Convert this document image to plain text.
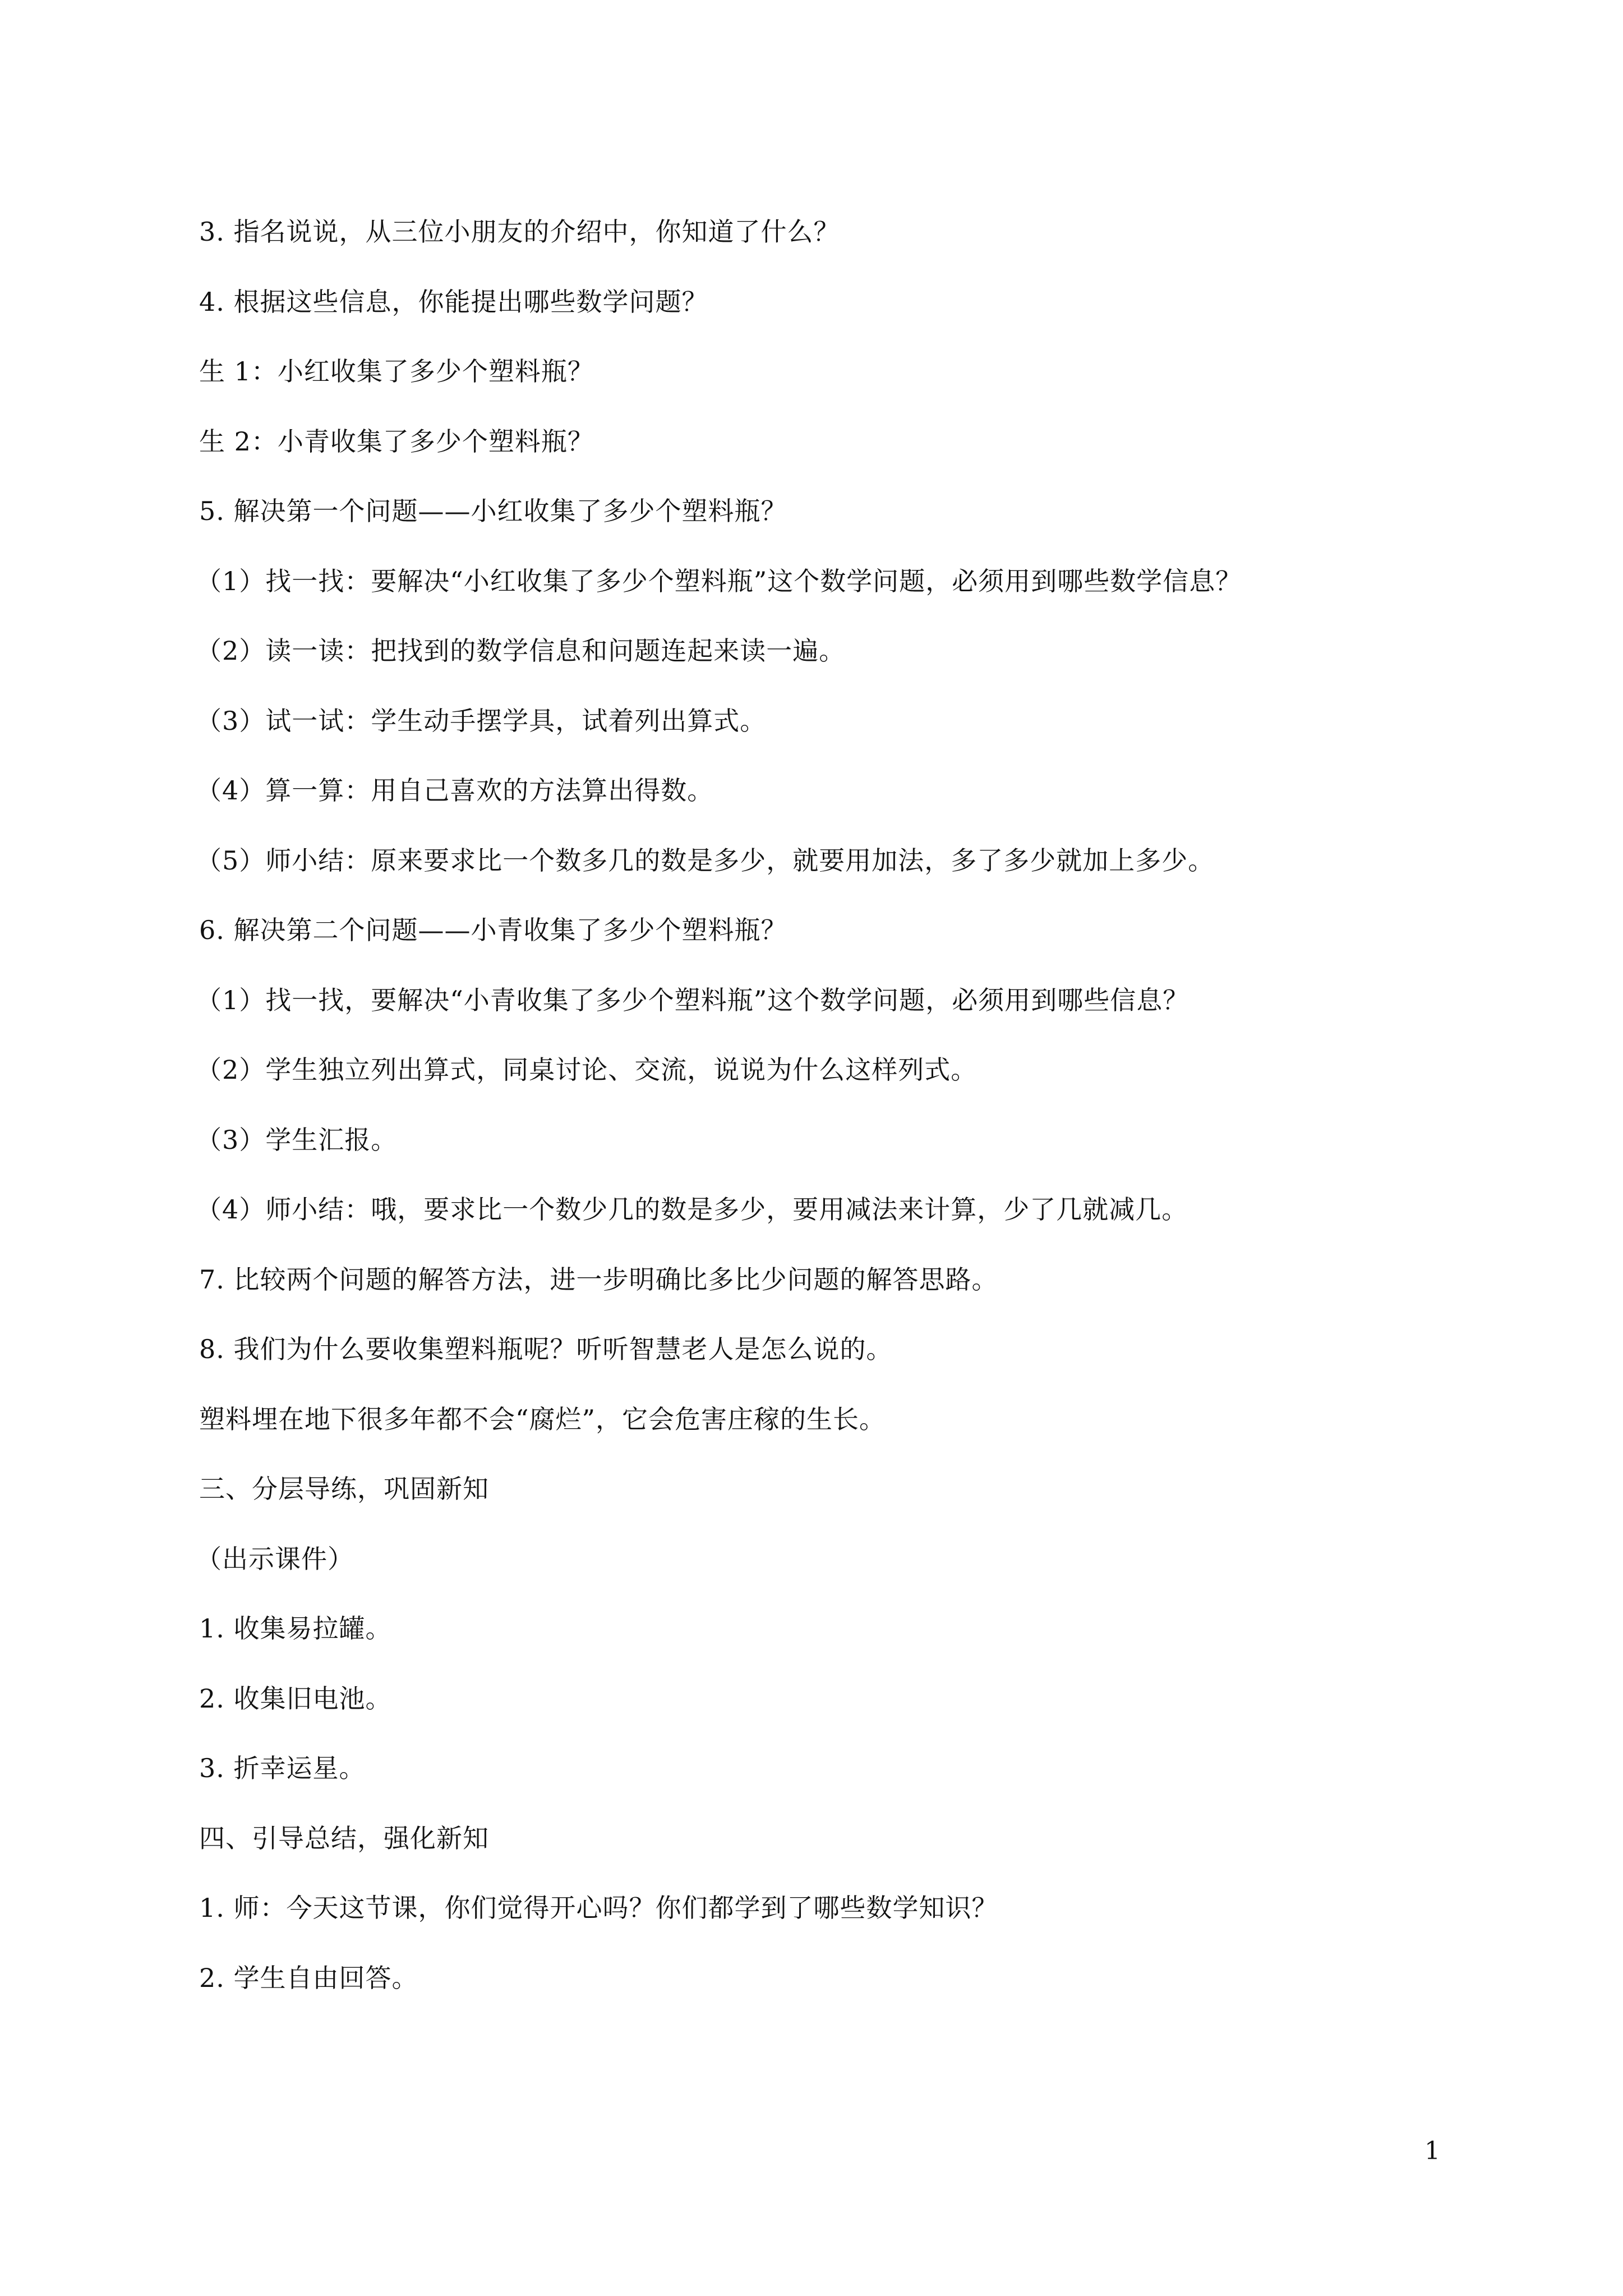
3. 指名说说，从三位小朋友的介绍中，你知道了什么？
4. 根据这些信息，你能提出哪些数学问题？
生 1：小红收集了多少个塑料瓶？
生 2：小青收集了多少个塑料瓶？
5. 解决第一个问题——小红收集了多少个塑料瓶？
（1）找一找：要解决“小红收集了多少个塑料瓶”这个数学问题，必须用到哪些数学信息？
（2）读一读：把找到的数学信息和问题连起来读一遍。
（3）试一试：学生动手摆学具，试着列出算式。
（4）算一算：用自己喜欢的方法算出得数。
（5）师小结：原来要求比一个数多几的数是多少，就要用加法，多了多少就加上多少。
6. 解决第二个问题——小青收集了多少个塑料瓶？
（1）找一找，要解决“小青收集了多少个塑料瓶”这个数学问题，必须用到哪些信息？
（2）学生独立列出算式，同桌讨论、交流，说说为什么这样列式。
（3）学生汇报。
（4）师小结：哦，要求比一个数少几的数是多少，要用减法来计算，少了几就减几。
7. 比较两个问题的解答方法，进一步明确比多比少问题的解答思路。
8. 我们为什么要收集塑料瓶呢？听听智慧老人是怎么说的。
塑料埋在地下很多年都不会“腐烂”，它会危害庄稼的生长。
三、分层导练，巩固新知
（出示课件）
1. 收集易拉罐。
2. 收集旧电池。
3. 折幸运星。
四、引导总结，强化新知
1. 师：今天这节课，你们觉得开心吗？你们都学到了哪些数学知识？
2. 学生自由回答。
1
